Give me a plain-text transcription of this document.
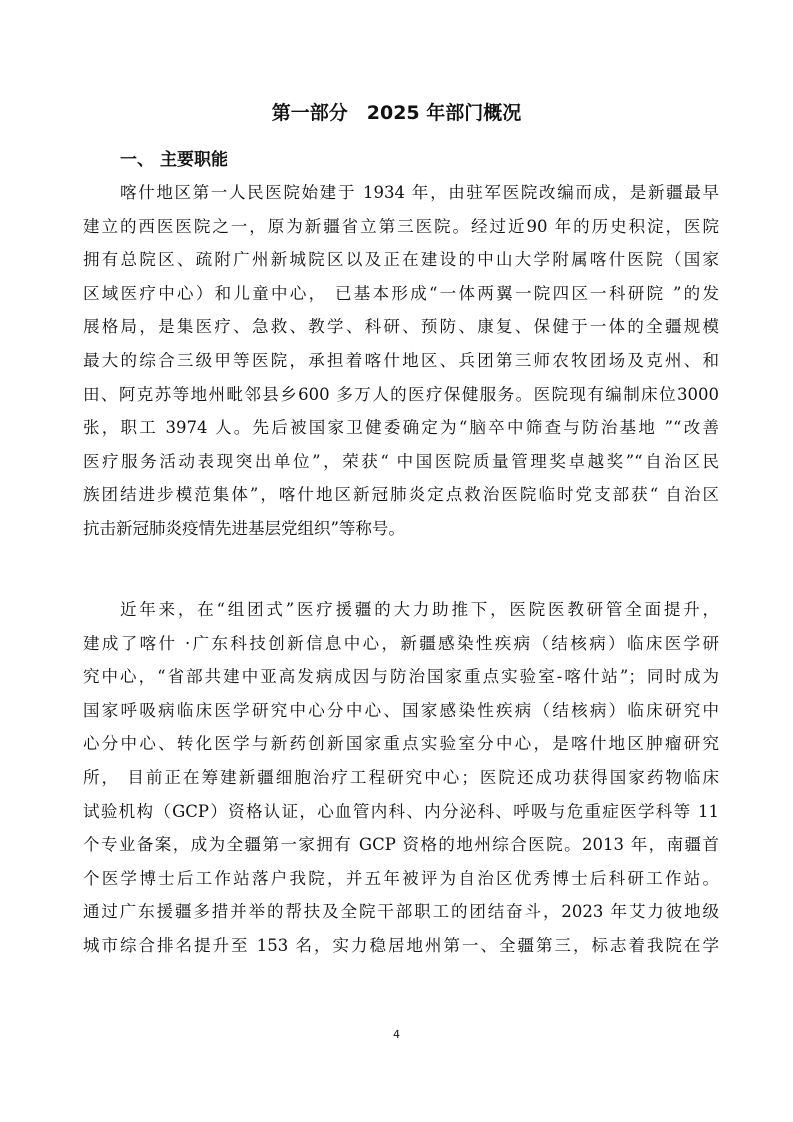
第一部分　2025 年部门概况
一、 主要职能
喀什地区第一人民医院始建于 1934 年，由驻军医院改编而成，是新疆最早
建立的西医医院之一，原为新疆省立第三医院。经过近90 年的历史积淀，医院
拥有总院区、疏附广州新城院区以及正在建设的中山大学附属喀什医院（国家
区域医疗中心）和儿童中心， 已基本形成“一体两翼一院四区一科研院 ”的发
展格局，是集医疗、急救、教学、科研、预防、康复、保健于一体的全疆规模
最大的综合三级甲等医院，承担着喀什地区、兵团第三师农牧团场及克州、和
田、阿克苏等地州毗邻县乡600 多万人的医疗保健服务。医院现有编制床位3000
张，职工 3974 人。先后被国家卫健委确定为“脑卒中筛查与防治基地 ”“改善
医疗服务活动表现突出单位”，荣获“ 中国医院质量管理奖卓越奖”“自治区民
族团结进步模范集体”，喀什地区新冠肺炎定点救治医院临时党支部获“ 自治区
抗击新冠肺炎疫情先进基层党组织”等称号。
近年来，在“组团式”医疗援疆的大力助推下，医院医教研管全面提升，
建成了喀什 ·广东科技创新信息中心，新疆感染性疾病（结核病）临床医学研
究中心，“省部共建中亚高发病成因与防治国家重点实验室-喀什站”；同时成为
国家呼吸病临床医学研究中心分中心、国家感染性疾病（结核病）临床研究中
心分中心、转化医学与新药创新国家重点实验室分中心，是喀什地区肿瘤研究
所， 目前正在筹建新疆细胞治疗工程研究中心；医院还成功获得国家药物临床
试验机构（GCP）资格认证，心血管内科、内分泌科、呼吸与危重症医学科等 11
个专业备案，成为全疆第一家拥有 GCP 资格的地州综合医院。2013 年，南疆首
个医学博士后工作站落户我院，并五年被评为自治区优秀博士后科研工作站。
通过广东援疆多措并举的帮扶及全院干部职工的团结奋斗，2023 年艾力彼地级
城市综合排名提升至 153 名，实力稳居地州第一、全疆第三，标志着我院在学
4
